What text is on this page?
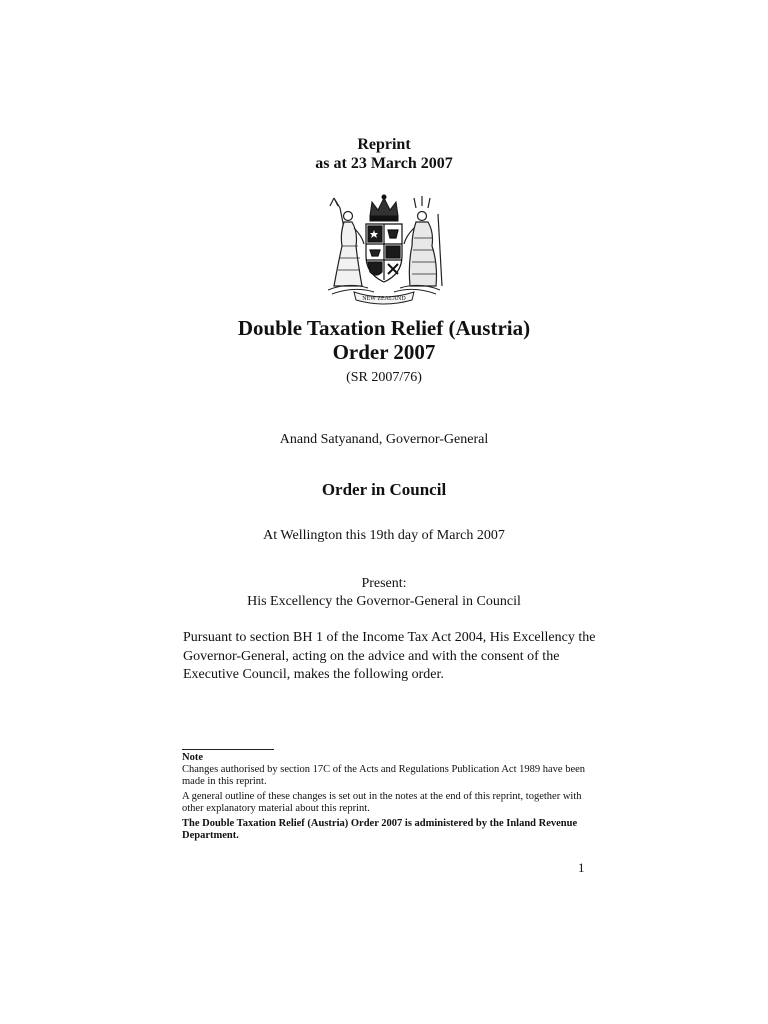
Reprint
as at 23 March 2007
NEW ZEALAND
Double Taxation Relief (Austria)
Order 2007
(SR 2007/76)
Anand Satyanand, Governor-General
Order in Council
At Wellington this 19th day of March 2007
Present:
His Excellency the Governor-General in Council
Pursuant to section BH 1 of the Income Tax Act 2004, His Excellency the Governor-General, acting on the advice and with the consent of the Executive Council, makes the following order.
Note
Changes authorised by section 17C of the Acts and Regulations Publication Act 1989 have been made in this reprint.
A general outline of these changes is set out in the notes at the end of this reprint, together with other explanatory material about this reprint.
The Double Taxation Relief (Austria) Order 2007 is administered by the Inland Revenue Department.
1
